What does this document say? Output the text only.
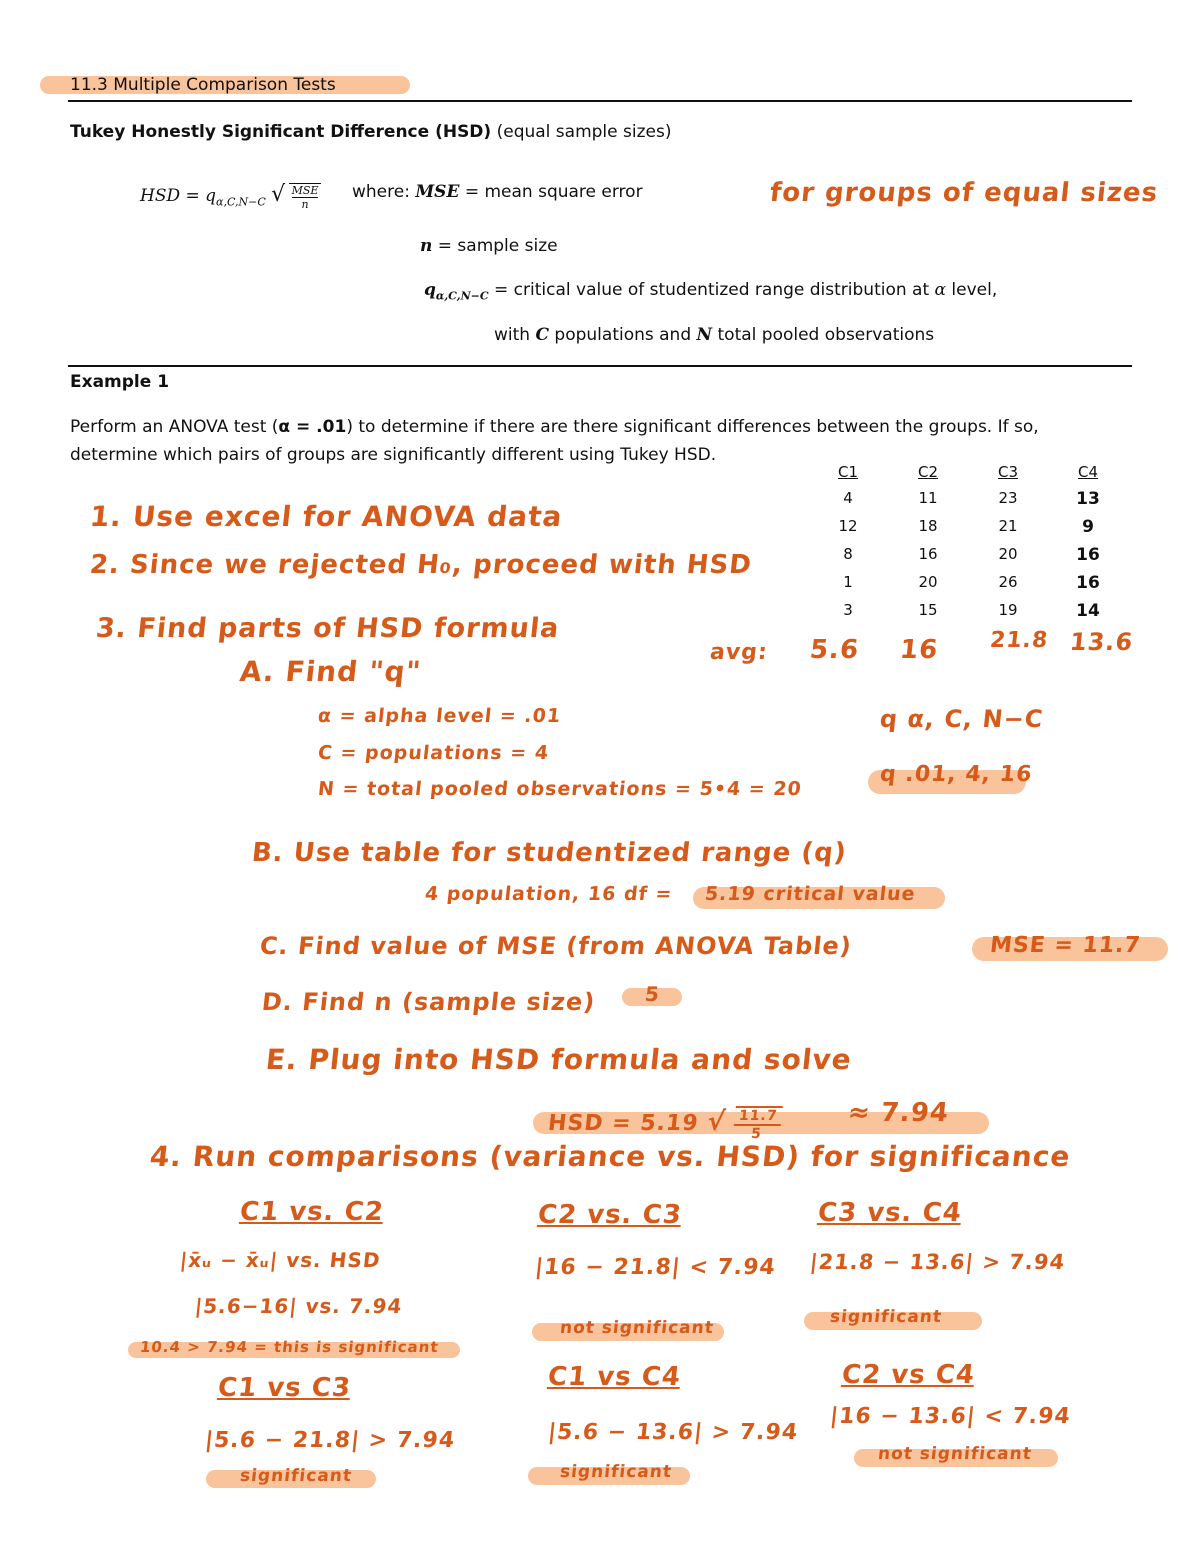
11.3 Multiple Comparison Tests
Tukey Honestly Significant Difference (HSD) (equal sample sizes)
HSD = $q_{\alpha,C,N-C}$ √ MSE
n
where: MSE = mean square error
n = sample size
$q_{\alpha,C,N-C}$ = critical value of studentized range distribution at α level,
with C populations and N total pooled observations
Example 1
Perform an ANOVA test (α = .01) to determine if there are there significant differences between the groups. If so,
determine which pairs of groups are significantly different using Tukey HSD.
C1	C2	C3	C4
4	11	23	13
12	18	21	9
8	16	20	16
1	20	26	16
3	15	19	14
for groups of equal sizes
1. Use excel for ANOVA data
2. Since we rejected H₀, proceed with HSD
3. Find parts of HSD formula
avg: 5.6 16 21.8 13.6
A. Find "q"
α = alpha level = .01
C = populations = 4
N = total pooled observations = 5•4 = 20
q α, C, N−C
q .01, 4, 16
B. Use table for studentized range (q)
4 population, 16 df = 5.19 critical value
C. Find value of MSE (from ANOVA Table)	MSE = 11.7
D. Find n (sample size) 5
E. Plug into HSD formula and solve
HSD = 5.19 √ $\frac{11.7}{5} \approx 7.94$
4. Run comparisons (variance vs. HSD) for significance
C1 vs. C2
|x̄ᵤ − x̄ᵤ| vs. HSD
|5.6−16| vs. 7.94
10.4 > 7.94 = this is significant
C2 vs. C3
|16 − 21.8| < 7.94
not significant
C3 vs. C4
|21.8 − 13.6| > 7.94
significant
C1 vs C3
|5.6 − 21.8| > 7.94
significant
C1 vs C4
|5.6 − 13.6| > 7.94
significant
C2 vs C4
|16 − 13.6| < 7.94
not significant
